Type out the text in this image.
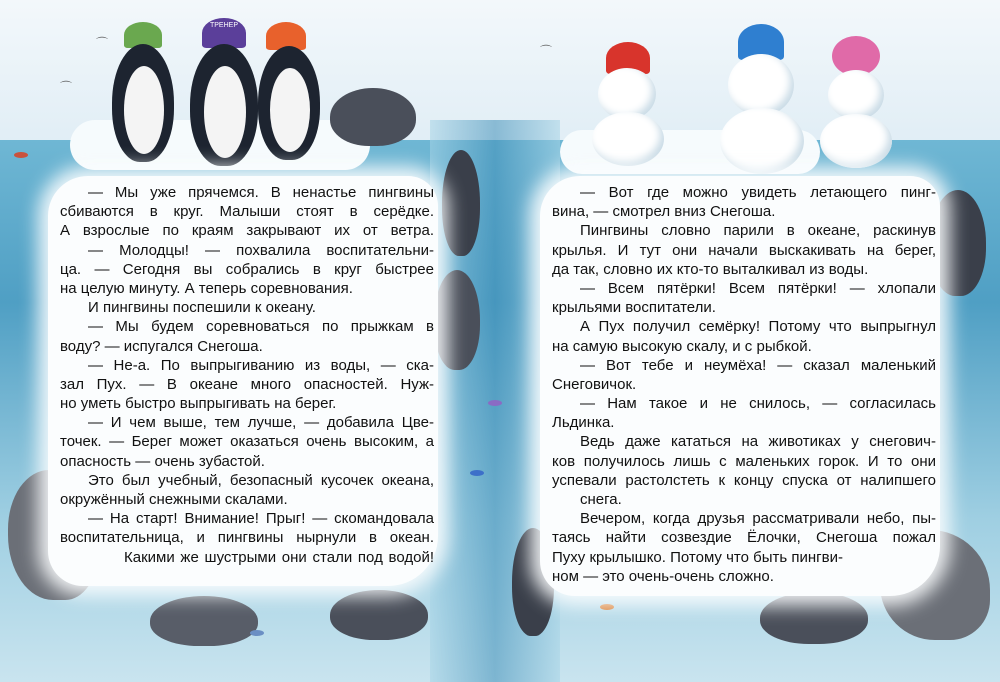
ТРЕНЕР
⌒
⌒
⌒
— Мы уже прячемся. В ненастье пингвины
сбиваются в круг. Малыши стоят в серёдке.
А взрослые по краям закрывают их от ветра.
— Молодцы! — похвалила воспитательни-
ца. — Сегодня вы собрались в круг быстрее
на целую минуту. А теперь соревнования.
И пингвины поспешили к океану.
— Мы будем соревноваться по прыжкам в
воду? — испугался Снегоша.
— Не-а. По выпрыгиванию из воды, — ска-
зал Пух. — В океане много опасностей. Нуж-
но уметь быстро выпрыгивать на берег.
— И чем выше, тем лучше, — добавила Цве-
точек. — Берег может оказаться очень высоким, а
опасность — очень зубастой.
Это был учебный, безопасный кусочек океана,
окружённый снежными скалами.
— На старт! Внимание! Прыг! — скомандовала
воспитательница, и пингвины нырнули в океан.
Какими же шустрыми они стали под водой!
— Вот где можно увидеть летающего пинг-
вина, — смотрел вниз Снегоша.
Пингвины словно парили в океане, раскинув
крылья. И тут они начали выскакивать на берег,
да так, словно их кто-то выталкивал из воды.
— Всем пятёрки! Всем пятёрки! — хлопали
крыльями воспитатели.
А Пух получил семёрку! Потому что выпрыгнул
на самую высокую скалу, и с рыбкой.
— Вот тебе и неумёха! — сказал маленький
Снеговичок.
— Нам такое и не снилось, — согласилась
Льдинка.
Ведь даже кататься на животиках у снегович-
ков получилось лишь с маленьких горок. И то они
успевали растолстеть к концу спуска от налипшего
снега.
Вечером, когда друзья рассматривали небо, пы-
таясь найти созвездие Ёлочки, Снегоша пожал
Пуху крылышко. Потому что быть пингви-
ном — это очень-очень сложно.
